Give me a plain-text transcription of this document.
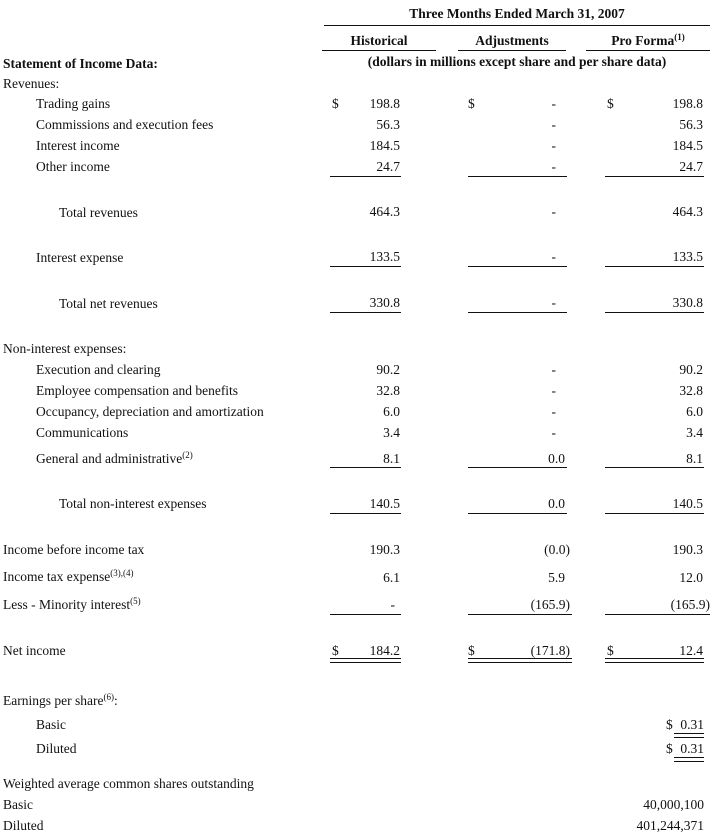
Three Months Ended March 31, 2007
Historical	Adjustments	Pro Forma$^{(1)}$
Statement of Income Data:	(dollars in millions except share and per share data)
Revenues:
Trading gains	$	198.8	$	-	$	198.8
Commissions and execution fees	56.3	-	56.3
Interest income	184.5	-	184.5
Other income	24.7	-	24.7
Total revenues	464.3	-	464.3
Interest expense	133.5	-	133.5
Total net revenues	330.8	-	330.8
Non-interest expenses:
Execution and clearing	90.2	-	90.2
Employee compensation and benefits	32.8	-	32.8
Occupancy, depreciation and amortization	6.0	-	6.0
Communications	3.4	-	3.4
General and administrative$^{(2)}$	8.1	0.0	8.1
Total non-interest expenses	140.5	0.0	140.5
Income before income tax	190.3	(0.0)	190.3
Income tax expense$^{(3),(4)}$	6.1	5.9	12.0
Less - Minority interest$^{(5)}$	-	(165.9)	(165.9)
Net income	$	184.2	$	(171.8)	$	12.4
Earnings per share$^{(6)}$:
Basic	$ 0.31
Diluted	$ 0.31
Weighted average common shares outstanding
Basic	40,000,100
Diluted	401,244,371
